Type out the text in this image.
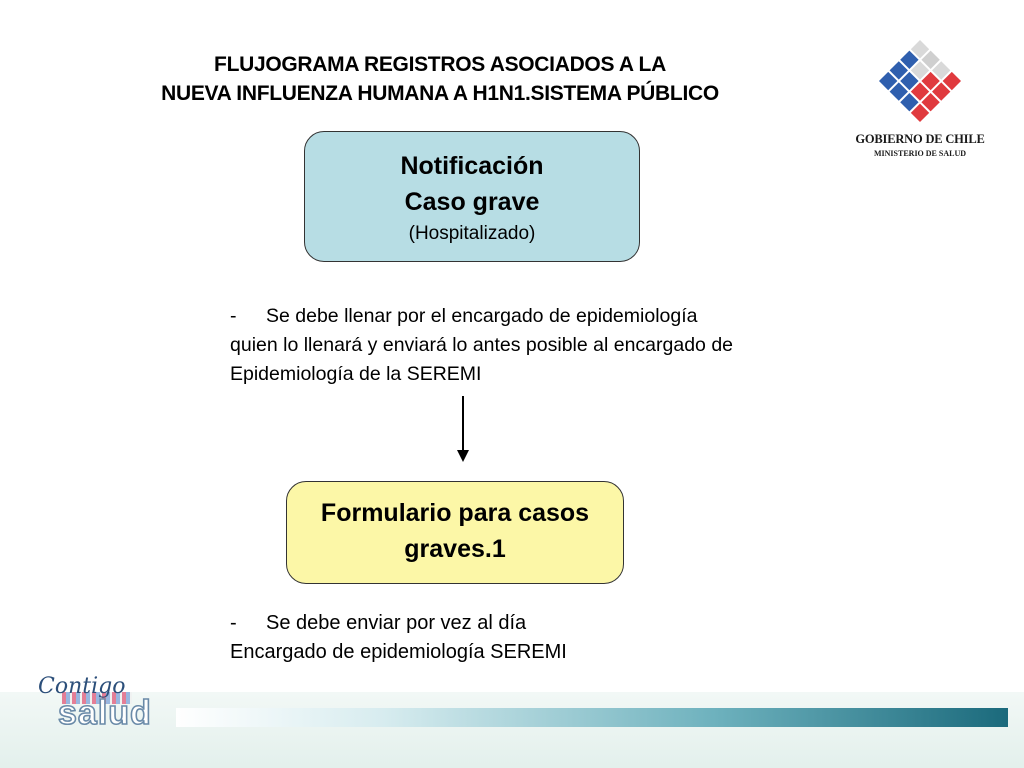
FLUJOGRAMA REGISTROS ASOCIADOS A LA
NUEVA INFLUENZA HUMANA A H1N1.SISTEMA PÚBLICO
GOBIERNO DE CHILE
MINISTERIO DE SALUD
Notificación
Caso grave
(Hospitalizado)
- Se debe llenar por el encargado de epidemiología
quien lo llenará y enviará lo antes posible al encargado de
Epidemiología de la SEREMI
Formulario para casos
graves.1
- Se debe enviar por vez al día
Encargado de epidemiología SEREMI
Contigo
salud
